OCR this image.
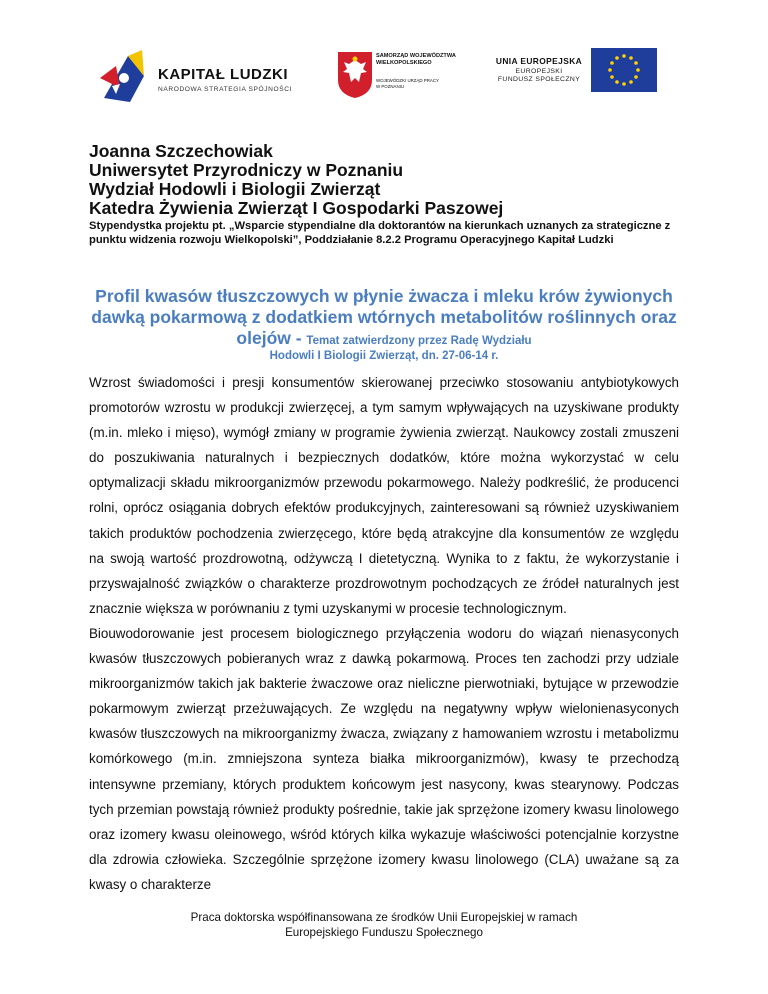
KAPITAŁ LUDZKI
NARODOWA STRATEGIA SPÓJNOŚCI
SAMORZĄD WOJEWÓDZTWA
WIELKOPOLSKIEGO
WOJEWÓDZKI URZĄD PRACY
W POZNANIU
UNIA EUROPEJSKA
EUROPEJSKI
FUNDUSZ SPOŁECZNY
Joanna Szczechowiak
Uniwersytet Przyrodniczy w Poznaniu
Wydział Hodowli i Biologii Zwierząt
Katedra Żywienia Zwierząt I Gospodarki Paszowej
Stypendystka projektu pt. „Wsparcie stypendialne dla doktorantów na kierunkach uznanych za strategiczne z punktu widzenia rozwoju Wielkopolski”, Poddziałanie 8.2.2 Programu Operacyjnego Kapitał Ludzki
Profil kwasów tłuszczowych w płynie żwacza i mleku krów żywionych dawką pokarmową z dodatkiem wtórnych metabolitów roślinnych oraz olejów - Temat zatwierdzony przez Radę Wydziału
Hodowli I Biologii Zwierząt, dn. 27-06-14 r.

Wzrost świadomości i presji konsumentów skierowanej przeciwko stosowaniu antybiotykowych promotorów wzrostu w produkcji zwierzęcej, a tym samym wpływających na uzyskiwane produkty (m.in. mleko i mięso), wymógł zmiany w programie żywienia zwierząt. Naukowcy zostali zmuszeni do poszukiwania naturalnych i bezpiecznych dodatków, które można wykorzystać w celu optymalizacji składu mikroorganizmów przewodu pokarmowego. Należy podkreślić, że producenci rolni, oprócz osiągania dobrych efektów produkcyjnych, zainteresowani są również uzyskiwaniem takich produktów pochodzenia zwierzęcego, które będą atrakcyjne dla konsumentów ze względu na swoją wartość prozdrowotną, odżywczą I dietetyczną. Wynika to z faktu, że wykorzystanie i przyswajalność związków o charakterze prozdrowotnym pochodzących ze źródeł naturalnych jest znacznie większa w porównaniu z tymi uzyskanymi w procesie technologicznym.

Biouwodorowanie jest procesem biologicznego przyłączenia wodoru do wiązań nienasyconych kwasów tłuszczowych pobieranych wraz z dawką pokarmową. Proces ten zachodzi przy udziale mikroorganizmów takich jak bakterie żwaczowe oraz nieliczne pierwotniaki, bytujące w przewodzie pokarmowym zwierząt przeżuwających. Ze względu na negatywny wpływ wielonienasyconych kwasów tłuszczowych na mikroorganizmy żwacza, związany z hamowaniem wzrostu i metabolizmu komórkowego (m.in. zmniejszona synteza białka mikroorganizmów), kwasy te przechodzą intensywne przemiany, których produktem końcowym jest nasycony, kwas stearynowy. Podczas tych przemian powstają również produkty pośrednie, takie jak sprzężone izomery kwasu linolowego oraz izomery kwasu oleinowego, wśród których kilka wykazuje właściwości potencjalnie korzystne dla zdrowia człowieka. Szczególnie sprzężone izomery kwasu linolowego (CLA) uważane są za kwasy o charakterze

Praca doktorska współfinansowana ze środków Unii Europejskiej w ramach
Europejskiego Funduszu Społecznego
